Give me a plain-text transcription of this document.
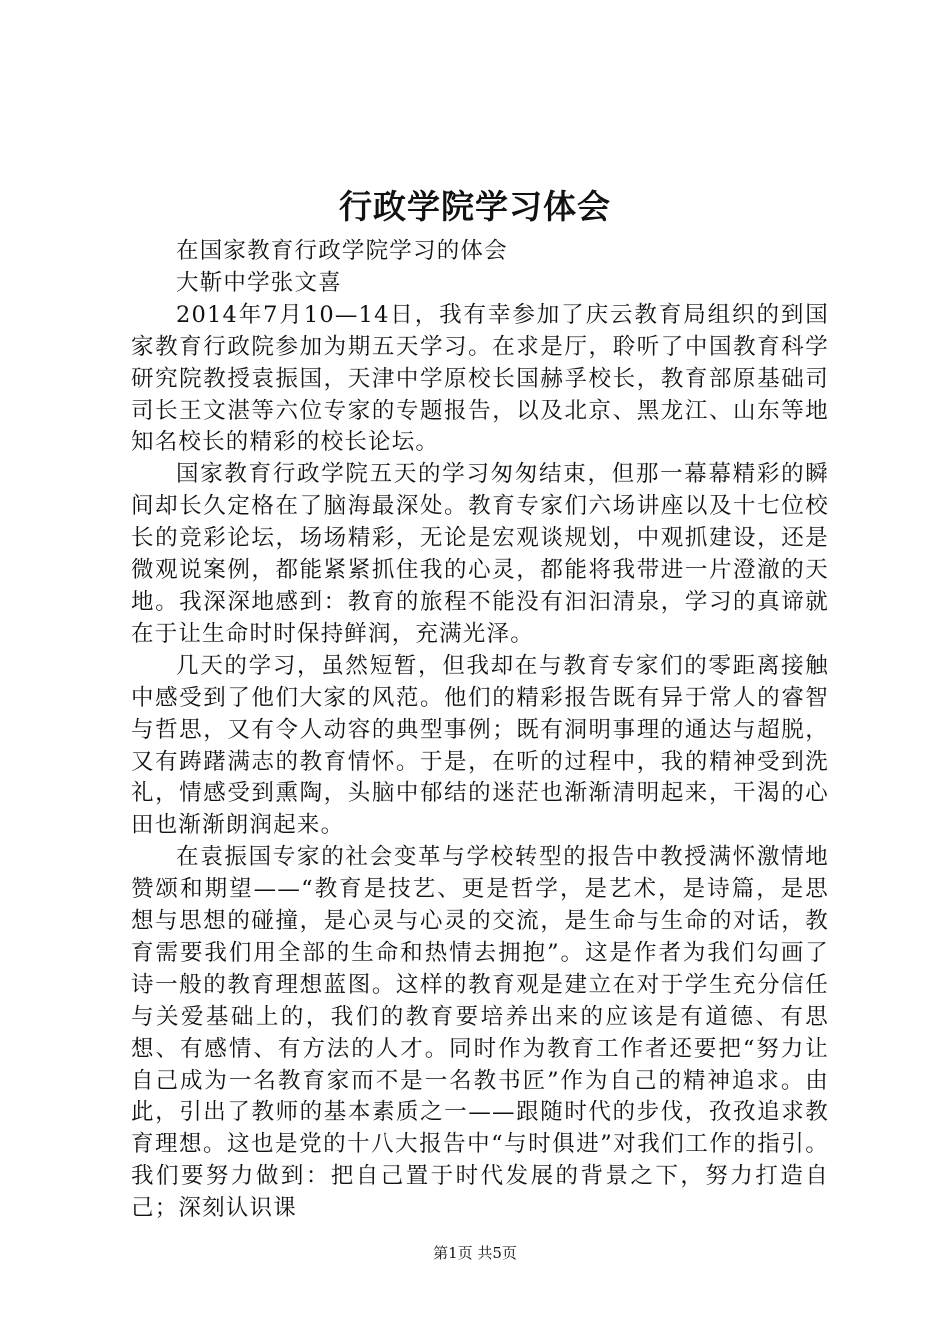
行政学院学习体会

在国家教育行政学院学习的体会

大靳中学张文喜

2014年7月10—14日，我有幸参加了庆云教育局组织的到国家教育行政院参加为期五天学习。在求是厅，聆听了中国教育科学研究院教授袁振国，天津中学原校长国赫孚校长，教育部原基础司司长王文湛等六位专家的专题报告，以及北京、黑龙江、山东等地知名校长的精彩的校长论坛。

国家教育行政学院五天的学习匆匆结束，但那一幕幕精彩的瞬间却长久定格在了脑海最深处。教育专家们六场讲座以及十七位校长的竞彩论坛，场场精彩，无论是宏观谈规划，中观抓建设，还是微观说案例，都能紧紧抓住我的心灵，都能将我带进一片澄澈的天地。我深深地感到：教育的旅程不能没有汩汩清泉，学习的真谛就在于让生命时时保持鲜润，充满光泽。

几天的学习，虽然短暂，但我却在与教育专家们的零距离接触中感受到了他们大家的风范。他们的精彩报告既有异于常人的睿智与哲思，又有令人动容的典型事例；既有洞明事理的通达与超脱，又有踌躇满志的教育情怀。于是，在听的过程中，我的精神受到洗礼，情感受到熏陶，头脑中郁结的迷茫也渐渐清明起来，干渴的心田也渐渐朗润起来。

在袁振国专家的社会变革与学校转型的报告中教授满怀激情地赞颂和期望——“教育是技艺、更是哲学，是艺术，是诗篇，是思想与思想的碰撞，是心灵与心灵的交流，是生命与生命的对话，教育需要我们用全部的生命和热情去拥抱”。这是作者为我们勾画了诗一般的教育理想蓝图。这样的教育观是建立在对于学生充分信任与关爱基础上的，我们的教育要培养出来的应该是有道德、有思想、有感情、有方法的人才。同时作为教育工作者还要把“努力让自己成为一名教育家而不是一名教书匠”作为自己的精神追求。由此，引出了教师的基本素质之一——跟随时代的步伐，孜孜追求教育理想。这也是党的十八大报告中“与时俱进”对我们工作的指引。我们要努力做到：把自己置于时代发展的背景之下，努力打造自己；深刻认识课

第1页 共5页
